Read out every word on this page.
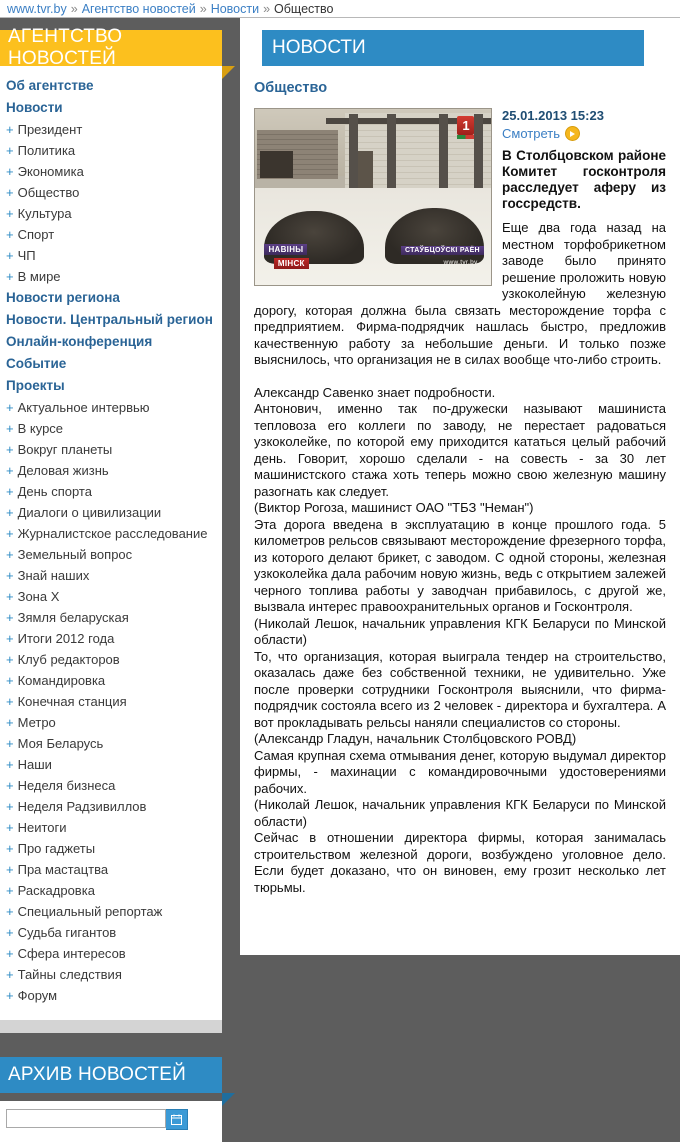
www.tvr.by » Агентство новостей » Новости » Общество
АГЕНТСТВО НОВОСТЕЙ
Об агентстве
Новости
+ Президент
+ Политика
+ Экономика
+ Общество
+ Культура
+ Спорт
+ ЧП
+ В мире
Новости региона
Новости. Центральный регион
Онлайн-конференция
Событие
Проекты
+ Актуальное интервью
+ В курсе
+ Вокруг планеты
+ Деловая жизнь
+ День спорта
+ Диалоги о цивилизации
+ Журналистское расследование
+ Земельный вопрос
+ Знай наших
+ Зона Х
+ Зямля беларуская
+ Итоги 2012 года
+ Клуб редакторов
+ Командировка
+ Конечная станция
+ Метро
+ Моя Беларусь
+ Наши
+ Неделя бизнеса
+ Неделя Радзивиллов
+ Неитоги
+ Про гаджеты
+ Пра мастацтва
+ Раскадровка
+ Специальный репортаж
+ Судьба гигантов
+ Сфера интересов
+ Тайны следствия
+ Форум
АРХИВ НОВОСТЕЙ
НОВОСТИ
Общество
1
НАВІНЫ
МІНСК
СТАЎБЦОЎСКІ РАЁН
www.tvr.by
25.01.2013 15:23
Смотреть
В Столбцовском районе Комитет госконтроля расследует аферу из госсредств.

Еще два года назад на местном торфобрикетном заводе было принято решение проложить новую узкоколейную железную дорогу, которая должна была связать месторождение торфа с предприятием. Фирма-подрядчик нашлась быстро, предложив качественную работу за небольшие деньги. И только позже выяснилось, что организация не в силах вообще что-либо строить.

Александр Савенко знает подробности.

Антонович, именно так по-дружески называют машиниста тепловоза его коллеги по заводу, не перестает радоваться узкоколейке, по которой ему приходится кататься целый рабочий день. Говорит, хорошо сделали - на совесть - за 30 лет машинистского стажа хоть теперь можно свою железную машину разогнать как следует.

(Виктор Рогоза, машинист ОАО "ТБЗ "Неман")

Эта дорога введена в эксплуатацию в конце прошлого года. 5 километров рельсов связывают месторождение фрезерного торфа, из которого делают брикет, с заводом. С одной стороны, железная узкоколейка дала рабочим новую жизнь, ведь с открытием залежей черного топлива работы у заводчан прибавилось, с другой же, вызвала интерес правоохранительных органов и Госконтроля.

(Николай Лешок, начальник управления КГК Беларуси по Минской области)

То, что организация, которая выиграла тендер на строительство, оказалась даже без собственной техники, не удивительно. Уже после проверки сотрудники Госконтроля выяснили, что фирма-подрядчик состояла всего из 2 человек - директора и бухгалтера. А вот прокладывать рельсы наняли специалистов со стороны.

(Александр Гладун, начальник Столбцовского РОВД)

Самая крупная схема отмывания денег, которую выдумал директор фирмы, - махинации с командировочными удостоверениями рабочих.

(Николай Лешок, начальник управления КГК Беларуси по Минской области)

Сейчас в отношении директора фирмы, которая занималась строительством железной дороги, возбуждено уголовное дело. Если будет доказано, что он виновен, ему грозит несколько лет тюрьмы.
